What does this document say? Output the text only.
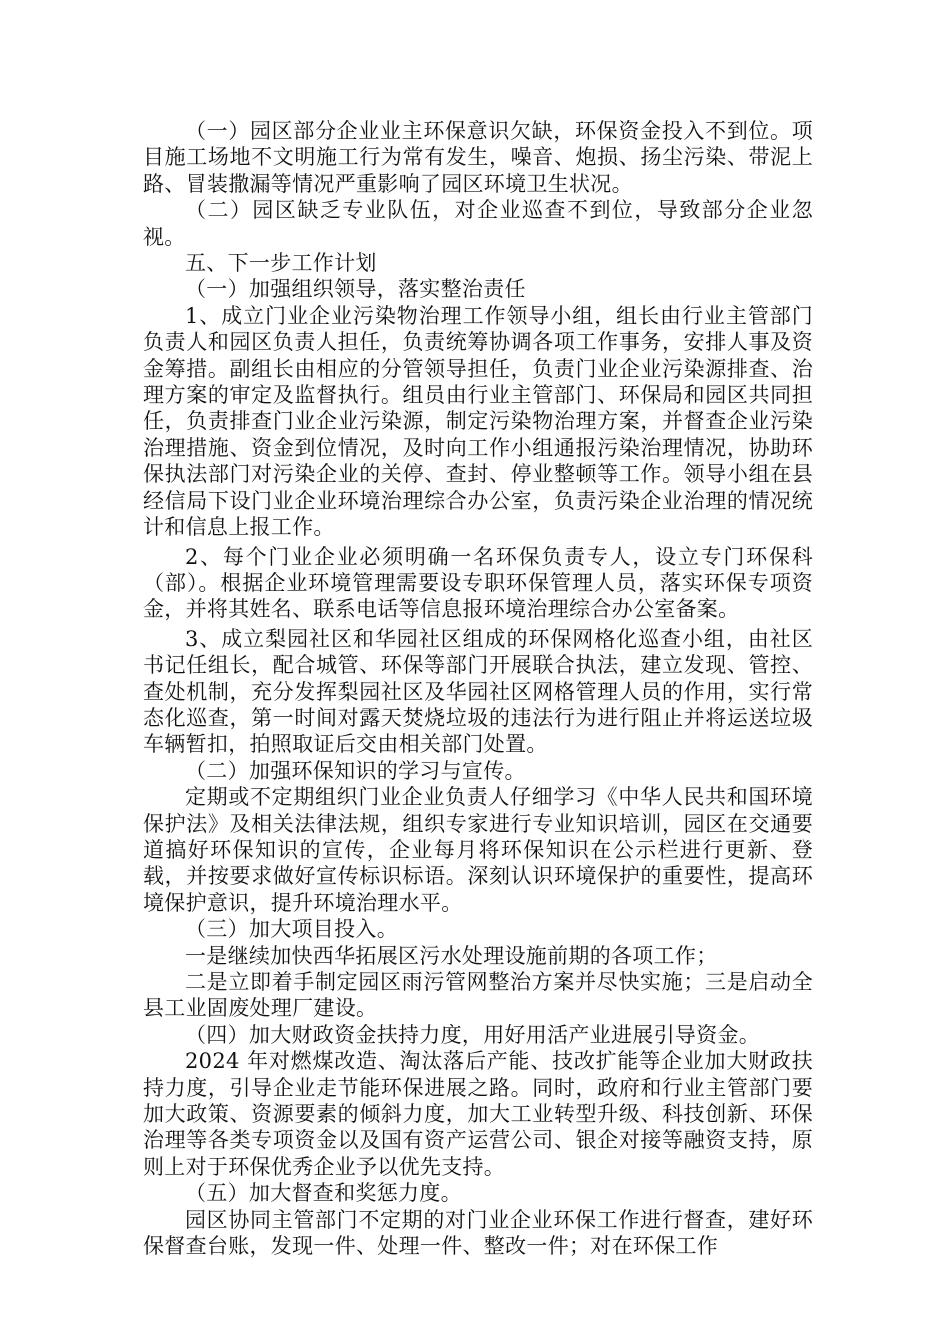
（一）园区部分企业业主环保意识欠缺，环保资金投入不到位。项目施工场地不文明施工行为常有发生，噪音、炮损、扬尘污染、带泥上路、冒装撒漏等情况严重影响了园区环境卫生状况。

（二）园区缺乏专业队伍，对企业巡查不到位，导致部分企业忽视。

五、下一步工作计划

（一）加强组织领导，落实整治责任

1、成立门业企业污染物治理工作领导小组，组长由行业主管部门负责人和园区负责人担任，负责统筹协调各项工作事务，安排人事及资金筹措。副组长由相应的分管领导担任，负责门业企业污染源排查、治理方案的审定及监督执行。组员由行业主管部门、环保局和园区共同担任，负责排查门业企业污染源，制定污染物治理方案，并督查企业污染治理措施、资金到位情况，及时向工作小组通报污染治理情况，协助环保执法部门对污染企业的关停、查封、停业整顿等工作。领导小组在县经信局下设门业企业环境治理综合办公室，负责污染企业治理的情况统计和信息上报工作。

2、每个门业企业必须明确一名环保负责专人，设立专门环保科（部）。根据企业环境管理需要设专职环保管理人员，落实环保专项资金，并将其姓名、联系电话等信息报环境治理综合办公室备案。

3、成立梨园社区和华园社区组成的环保网格化巡查小组，由社区书记任组长，配合城管、环保等部门开展联合执法，建立发现、管控、查处机制，充分发挥梨园社区及华园社区网格管理人员的作用，实行常态化巡查，第一时间对露天焚烧垃圾的违法行为进行阻止并将运送垃圾车辆暂扣，拍照取证后交由相关部门处置。

（二）加强环保知识的学习与宣传。

定期或不定期组织门业企业负责人仔细学习《中华人民共和国环境保护法》及相关法律法规，组织专家进行专业知识培训，园区在交通要道搞好环保知识的宣传，企业每月将环保知识在公示栏进行更新、登载，并按要求做好宣传标识标语。深刻认识环境保护的重要性，提高环境保护意识，提升环境治理水平。

（三）加大项目投入。

一是继续加快西华拓展区污水处理设施前期的各项工作；

二是立即着手制定园区雨污管网整治方案并尽快实施；三是启动全县工业固废处理厂建设。

（四）加大财政资金扶持力度，用好用活产业进展引导资金。

2024 年对燃煤改造、淘汰落后产能、技改扩能等企业加大财政扶持力度，引导企业走节能环保进展之路。同时，政府和行业主管部门要加大政策、资源要素的倾斜力度，加大工业转型升级、科技创新、环保治理等各类专项资金以及国有资产运营公司、银企对接等融资支持，原则上对于环保优秀企业予以优先支持。

（五）加大督查和奖惩力度。

园区协同主管部门不定期的对门业企业环保工作进行督查，建好环保督查台账，发现一件、处理一件、整改一件；对在环保工作
